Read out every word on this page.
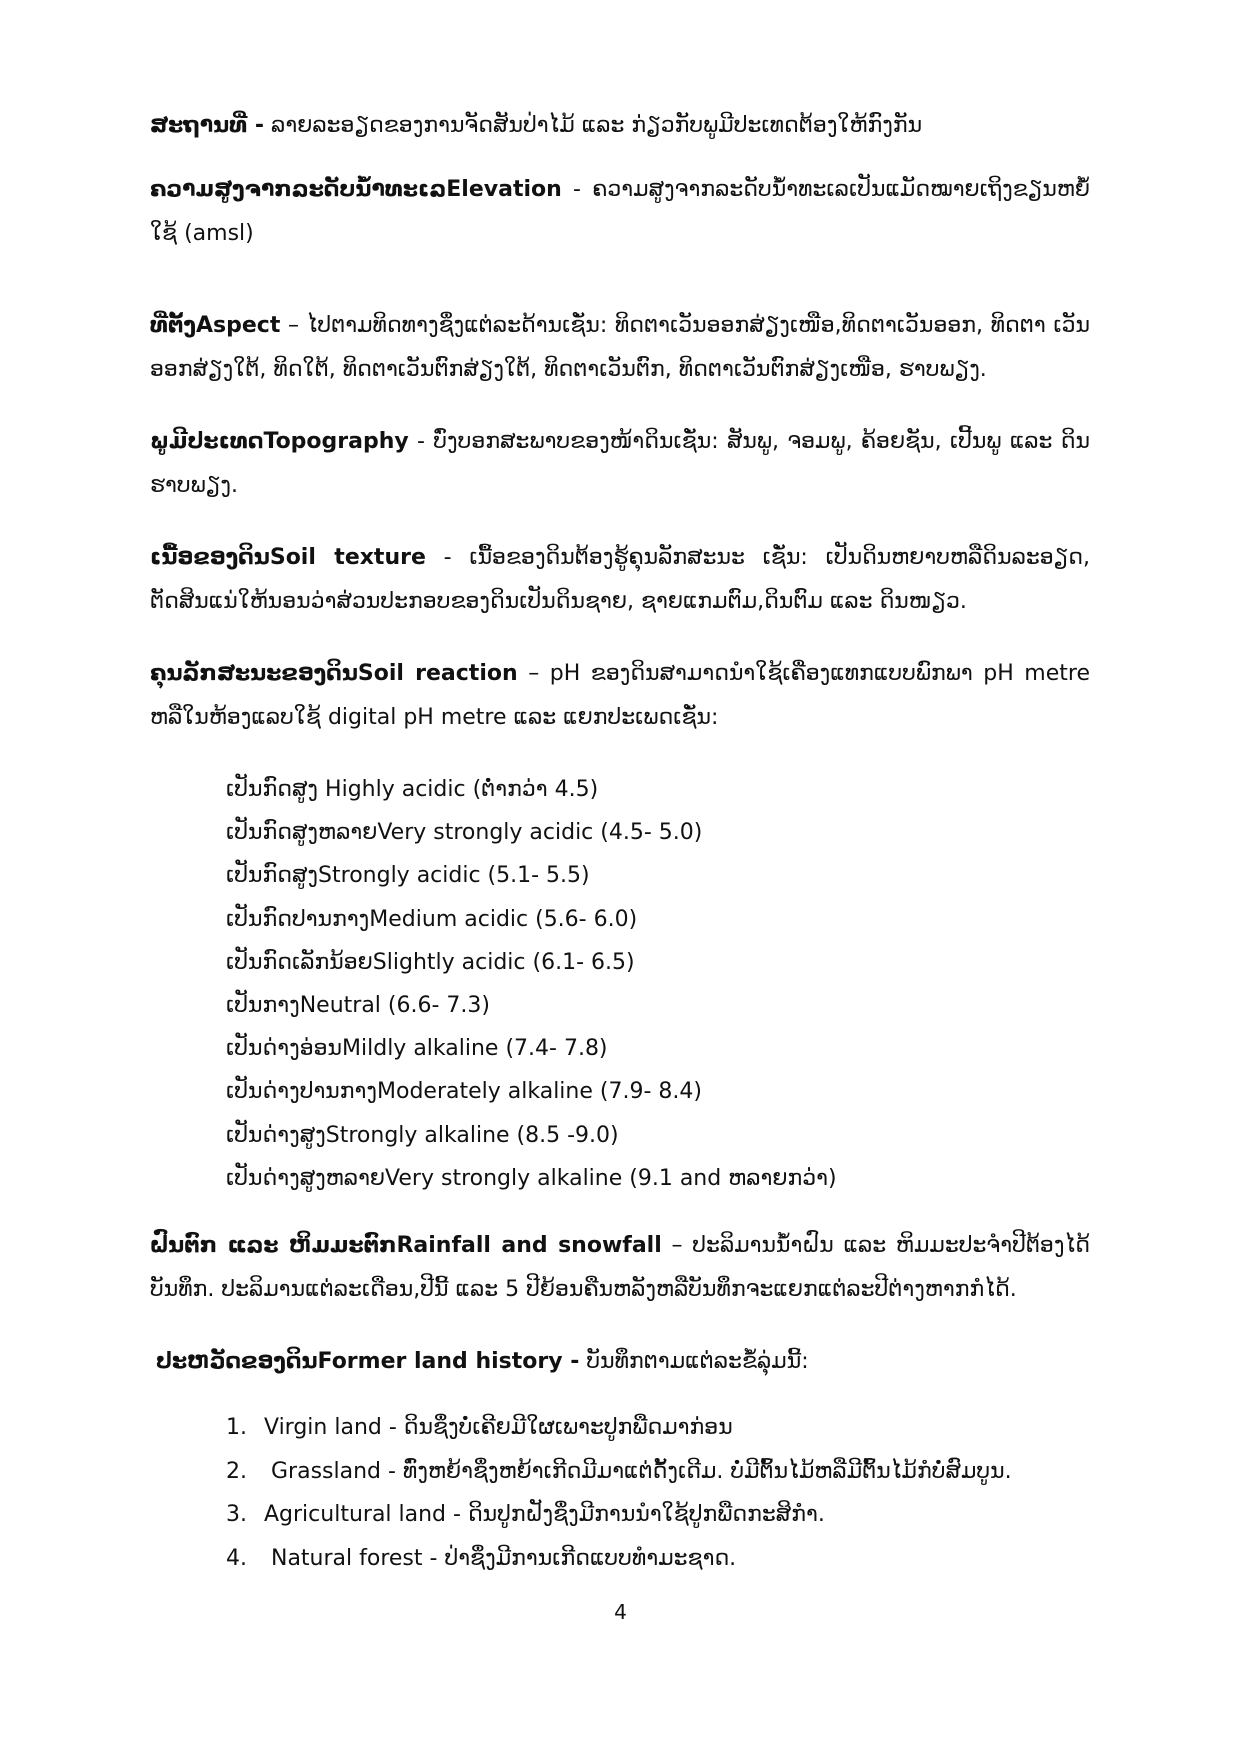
ສະຖານທີ່ - ລາຍລະອຽດຂອງການຈັດສັນປ່າໄມ້ ແລະ ກ່ຽວກັບພູມີປະເທດຕ້ອງໃຫ້ກົງກັນ
ຄວາມສູງຈາກລະດັບນ້ຳທະເລElevation - ຄວາມສູງຈາກລະດັບນ້ຳທະເລເປັນແມັດໝາຍເຖິງຂຽນຫຍໍ້ໃຊ້ (amsl)
ທີ່ຕັ້ງAspect – ໄປຕາມທິດທາງຊຶ່ງແຕ່ລະດ້ານເຊັ່ນ: ທິດຕາເວັນອອກສ່ຽງເໜືອ,ທິດຕາເວັນອອກ, ທິດຕາ ເວັນອອກສ່ຽງໃຕ້, ທິດໃຕ້, ທິດຕາເວັນຕົກສ່ຽງໃຕ້, ທິດຕາເວັນຕົກ, ທິດຕາເວັນຕົກສ່ຽງເໜືອ, ຮາບພຽງ.
ພູມີປະເທດTopography - ບົ່ງບອກສະພາບຂອງໜ້າດິນເຊັ່ນ: ສັນພູ, ຈອມພູ, ຄ້ອຍຊັນ, ເປີ້ນພູ ແລະ ດິນຮາບພຽງ.
ເນື້ອຂອງດິນSoil texture - ເນື້ອຂອງດິນຕ້ອງຮູ້ຄຸນລັກສະນະ ເຊັ່ນ: ເປັນດິນຫຍາບຫລືດິນລະອຽດ, ຕັດສິນແນ່ໃຫ້ນອນວ່າສ່ວນປະກອບຂອງດິນເປັນດິນຊາຍ, ຊາຍແກມຕົມ,ດິນຕົມ ແລະ ດິນໜຽວ.
ຄຸນລັກສະນະຂອງດິນSoil reaction – pH ຂອງດິນສາມາດນຳໃຊ້ເຄື່ອງແທກແບບພົກພາ pH metre ຫລືໃນຫ້ອງແລບໃຊ້ digital pH metre ແລະ ແຍກປະເພດເຊັ່ນ:
ເປັນກົດສູງ Highly acidic (ຕ່ຳກວ່າ 4.5)
ເປັນກົດສູງຫລາຍVery strongly acidic (4.5- 5.0)
ເປັນກົດສູງStrongly acidic (5.1- 5.5)
ເປັນກົດປານກາງMedium acidic (5.6- 6.0)
ເປັນກົດເລັກນ້ອຍSlightly acidic (6.1- 6.5)
ເປັນກາງNeutral (6.6- 7.3)
ເປັນດ່າງອ່ອນMildly alkaline (7.4- 7.8)
ເປັນດ່າງປານກາງModerately alkaline (7.9- 8.4)
ເປັນດ່າງສູງStrongly alkaline (8.5 -9.0)
ເປັນດ່າງສູງຫລາຍVery strongly alkaline (9.1 and ຫລາຍກວ່າ)
ຝົນຕົກ ແລະ ຫິມມະຕົກRainfall and snowfall – ປະລິມານນ້ຳຝົນ ແລະ ຫິມມະປະຈຳປີຕ້ອງໄດ້ບັນທຶກ. ປະລິມານແຕ່ລະເດືອນ,ປີນີ້ ແລະ 5 ປີຍ້ອນຄືນຫລັງຫລືບັນທຶກຈະແຍກແຕ່ລະປີຕ່າງຫາກກໍໄດ້.
ປະຫວັດຂອງດິນFormer land history - ບັນທຶກຕາມແຕ່ລະຂໍ້ລຸ່ມນີ້:
1. Virgin land - ດິນຊຶ່ງບໍ່ເຄີຍມີໃຜເພາະປູກພືດມາກ່ອນ
2. Grassland - ທົ່ງຫຍ້າຊຶ່ງຫຍ້າເກີດມີມາແຕ່ດັ້ງເດີມ. ບໍ່ມີຕົ້ນໄມ້ຫລືມີຕົ້ນໄມ້ກໍບໍ່ສົມບູນ.
3. Agricultural land - ດິນປູກຝັງຊຶ່ງມີການນຳໃຊ້ປູກພືດກະສິກຳ.
4. Natural forest - ປ່າຊຶ່ງມີການເກີດແບບທຳມະຊາດ.
4
